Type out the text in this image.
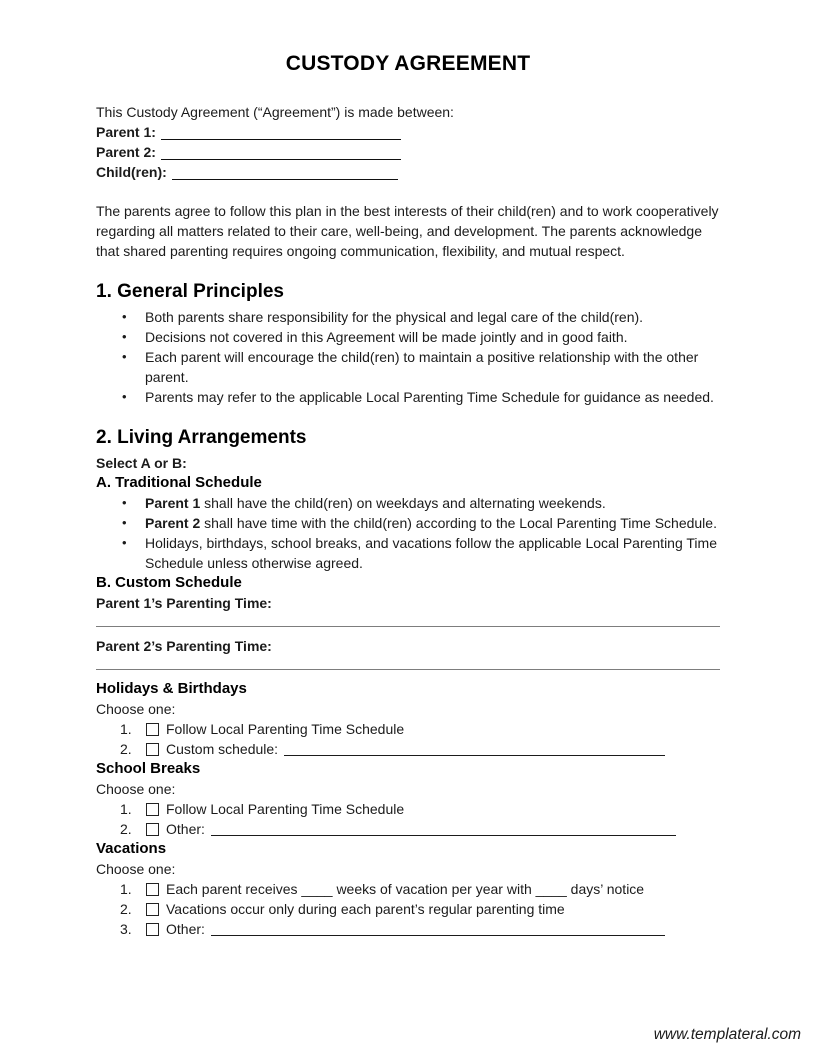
CUSTODY AGREEMENT

This Custody Agreement (“Agreement”) is made between:

Parent 1:
Parent 2:
Child(ren):

The parents agree to follow this plan in the best interests of their child(ren) and to work cooperatively regarding all matters related to their care, well-being, and development. The parents acknowledge that shared parenting requires ongoing communication, flexibility, and mutual respect.

1. General Principles
•	Both parents share responsibility for the physical and legal care of the child(ren).
•	Decisions not covered in this Agreement will be made jointly and in good faith.
•	Each parent will encourage the child(ren) to maintain a positive relationship with the other parent.
•	Parents may refer to the applicable Local Parenting Time Schedule for guidance as needed.
2. Living Arrangements

Select A or B:

A. Traditional Schedule

•	Parent 1 shall have the child(ren) on weekdays and alternating weekends.
•	Parent 2 shall have time with the child(ren) according to the Local Parenting Time Schedule.
•	Holidays, birthdays, school breaks, and vacations follow the applicable Local Parenting Time Schedule unless otherwise agreed.

B. Custom Schedule

Parent 1’s Parenting Time:

Parent 2’s Parenting Time:

Holidays & Birthdays

Choose one:

1.	Follow Local Parenting Time Schedule
2.	Custom schedule:

School Breaks

Choose one:

1.	Follow Local Parenting Time Schedule
2.	Other:

Vacations

Choose one:

1.	Each parent receives ____ weeks of vacation per year with ____ days’ notice
2.	Vacations occur only during each parent’s regular parenting time
3.	Other:
www.templateral.com
